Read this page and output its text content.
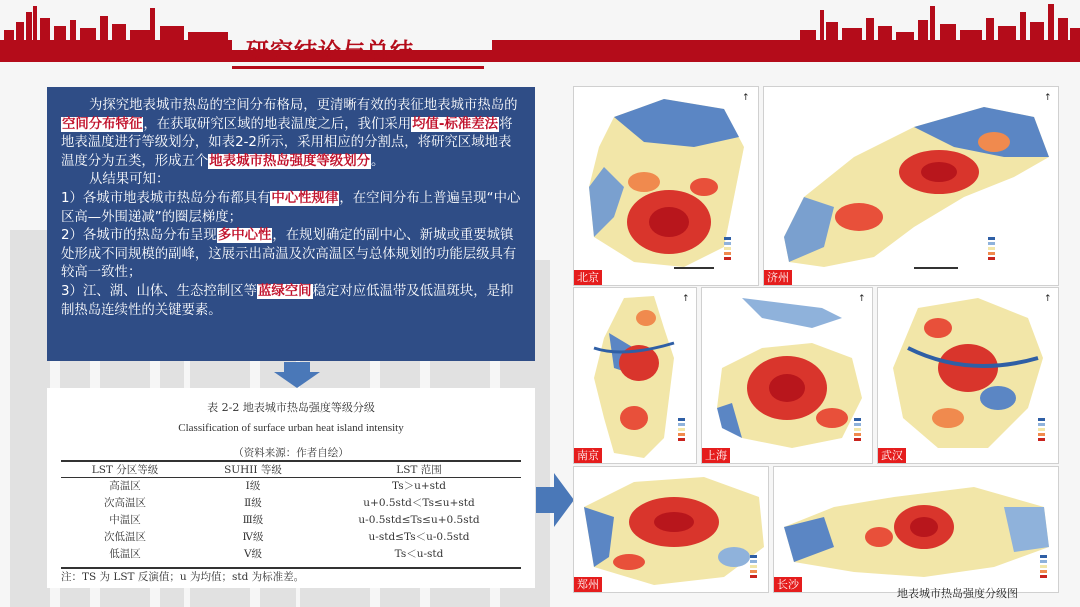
研究结论与总结

为探究地表城市热岛的空间分布格局，更清晰有效的表征地表城市热岛的空间分布特征，在获取研究区域的地表温度之后，我们采用均值-标准差法将地表温度进行等级划分，如表2-2所示，采用相应的分割点，将研究区域地表温度分为五类，形成五个地表城市热岛强度等级划分。

从结果可知：

1）各城市地表城市热岛分布都具有中心性规律，在空间分布上普遍呈现“中心区高—外围递减”的圈层梯度；

2）各城市的热岛分布呈现多中心性，在规划确定的副中心、新城或重要城镇处形成不同规模的副峰，这展示出高温及次高温区与总体规划的功能层级具有较高一致性；

3）江、湖、山体、生态控制区等蓝绿空间稳定对应低温带及低温斑块，是抑制热岛连续性的关键要素。

表 2-2 地表城市热岛强度等级分级
Classification of surface urban heat island intensity
（资料来源：作者自绘）
LST 分区等级	SUHII 等级	LST 范围
高温区	Ⅰ级	Ts＞u+std
次高温区	Ⅱ级	u+0.5std＜Ts≤u+std
中温区	Ⅲ级	u-0.5std≤Ts≤u+0.5std
次低温区	Ⅳ级	u-std≤Ts＜u-0.5std
低温区	Ⅴ级	Ts＜u-std
注：TS 为 LST 反演值；u 为均值；std 为标准差。
↑
北京
↑
济州
↑
南京
↑
上海
↑
武汉
郑州	长沙
地表城市热岛强度分级图
